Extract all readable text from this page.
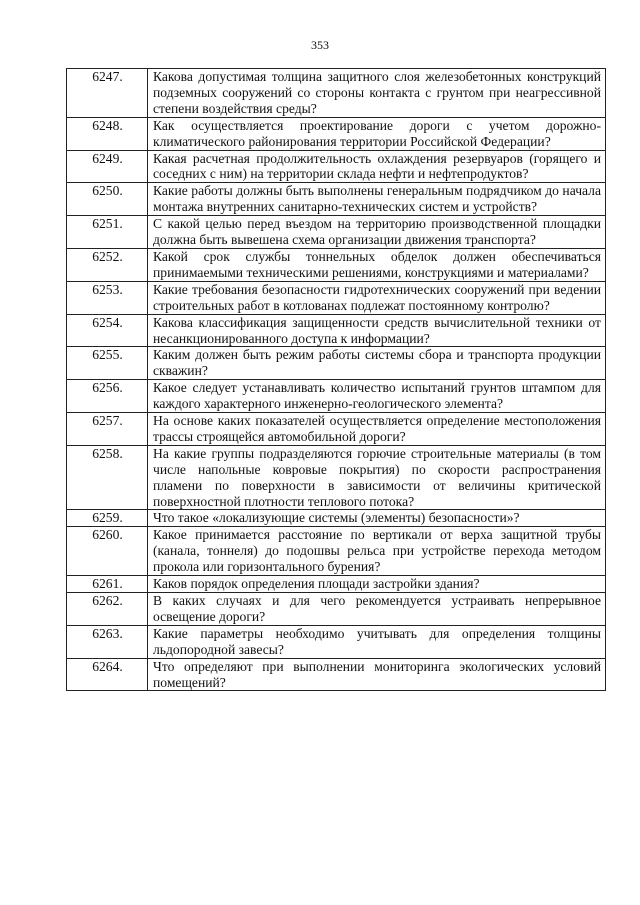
353
6247.	Какова допустимая толщина защитного слоя железобетонных конструкций подземных сооружений со стороны контакта с грунтом при неагрессивной степени воздействия среды?
6248.	Как осуществляется проектирование дороги с учетом дорожно-климатического районирования территории Российской Федерации?
6249.	Какая расчетная продолжительность охлаждения резервуаров (горящего и соседних с ним) на территории склада нефти и нефтепродуктов?
6250.	Какие работы должны быть выполнены генеральным подрядчиком до начала монтажа внутренних санитарно-технических систем и устройств?
6251.	С какой целью перед въездом на территорию производственной площадки должна быть вывешена схема организации движения транспорта?
6252.	Какой срок службы тоннельных обделок должен обеспечиваться принимаемыми техническими решениями, конструкциями и материалами?
6253.	Какие требования безопасности гидротехнических сооружений при ведении строительных работ в котлованах подлежат постоянному контролю?
6254.	Какова классификация защищенности средств вычислительной техники от несанкционированного доступа к информации?
6255.	Каким должен быть режим работы системы сбора и транспорта продукции скважин?
6256.	Какое следует устанавливать количество испытаний грунтов штампом для каждого характерного инженерно-геологического элемента?
6257.	На основе каких показателей осуществляется определение местоположения трассы строящейся автомобильной дороги?
6258.	На какие группы подразделяются горючие строительные материалы (в том числе напольные ковровые покрытия) по скорости распространения пламени по поверхности в зависимости от величины критической поверхностной плотности теплового потока?
6259.	Что такое «локализующие системы (элементы) безопасности»?
6260.	Какое принимается расстояние по вертикали от верха защитной трубы (канала, тоннеля) до подошвы рельса при устройстве перехода методом прокола или горизонтального бурения?
6261.	Каков порядок определения площади застройки здания?
6262.	В каких случаях и для чего рекомендуется устраивать непрерывное освещение дороги?
6263.	Какие параметры необходимо учитывать для определения толщины льдопородной завесы?
6264.	Что определяют при выполнении мониторинга экологических условий помещений?
